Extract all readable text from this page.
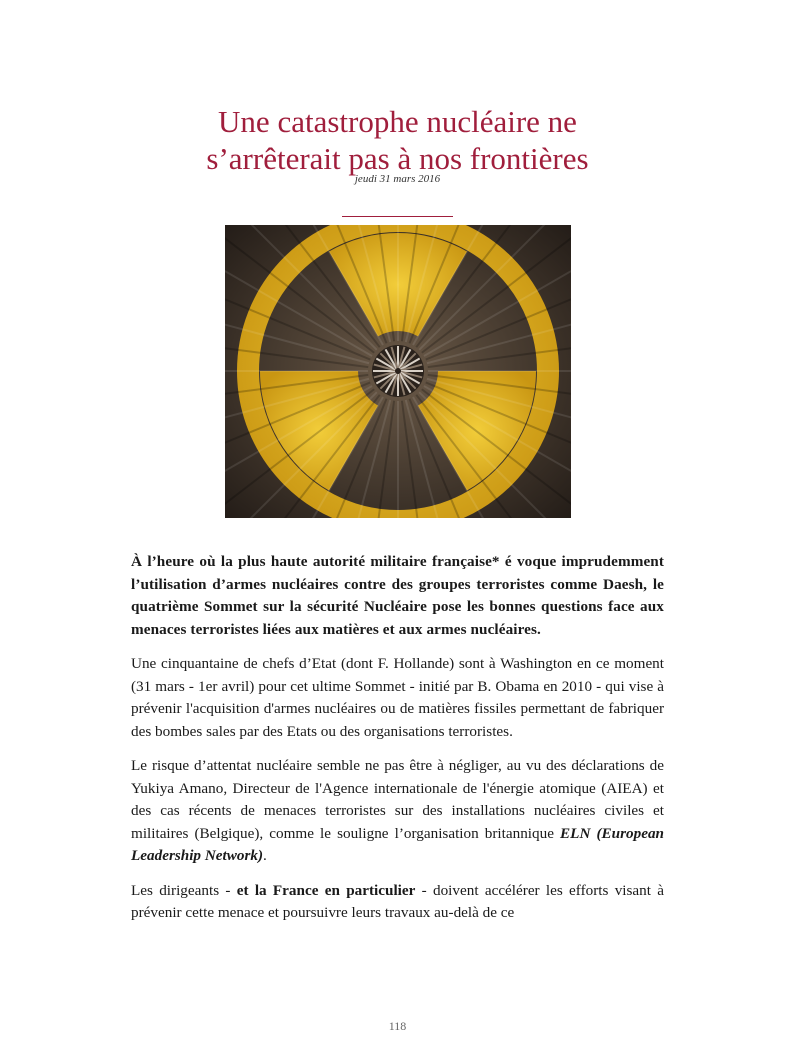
Une catastrophe nucléaire ne
s’arrêterait pas à nos frontières
jeudi 31 mars 2016

À l’heure où la plus haute autorité militaire française* é voque imprudemment l’utilisation d’armes nucléaires contre des groupes terroristes comme Daesh, le quatrième Sommet sur la sécurité Nucléaire pose les bonnes questions face aux menaces terroristes liées aux matières et aux armes nucléaires.

Une cinquantaine de chefs d’Etat (dont F. Hollande) sont à Washington en ce moment (31 mars - 1er avril) pour cet ultime Sommet - initié par B. Obama en 2010 - qui vise à prévenir l'acquisition d'armes nucléaires ou de matières fissiles permettant de fabriquer des bombes sales par des Etats ou des organisations terroristes.

Le risque d’attentat nucléaire semble ne pas être à négliger, au vu des déclarations de Yukiya Amano, Directeur de l'Agence internationale de l'énergie atomique (AIEA) et des cas récents de menaces terroristes sur des installations nucléaires civiles et militaires (Belgique), comme le souligne l’organisation britannique ELN (European Leadership Network).

Les dirigeants - et la France en particulier - doivent accélérer les efforts visant à prévenir cette menace et poursuivre leurs travaux au-delà de ce

118
